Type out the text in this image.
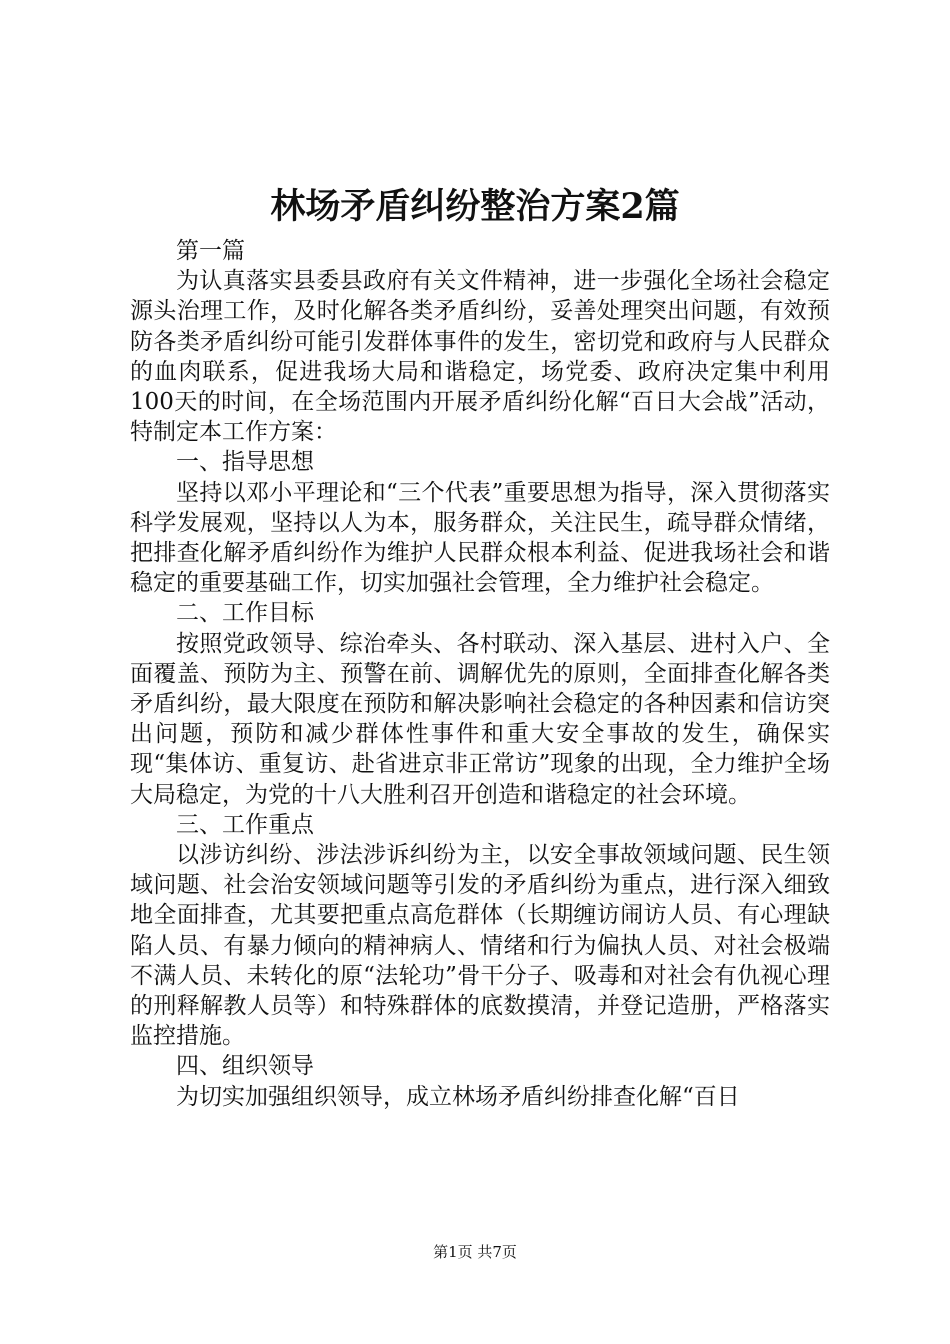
林场矛盾纠纷整治方案2篇

第一篇

为认真落实县委县政府有关文件精神，进一步强化全场社会稳定源头治理工作，及时化解各类矛盾纠纷，妥善处理突出问题，有效预防各类矛盾纠纷可能引发群体事件的发生，密切党和政府与人民群众的血肉联系，促进我场大局和谐稳定，场党委、政府决定集中利用100天的时间，在全场范围内开展矛盾纠纷化解“百日大会战”活动，特制定本工作方案：

一、指导思想

坚持以邓小平理论和“三个代表”重要思想为指导，深入贯彻落实科学发展观，坚持以人为本，服务群众，关注民生，疏导群众情绪，把排查化解矛盾纠纷作为维护人民群众根本利益、促进我场社会和谐稳定的重要基础工作，切实加强社会管理，全力维护社会稳定。

二、工作目标

按照党政领导、综治牵头、各村联动、深入基层、进村入户、全面覆盖、预防为主、预警在前、调解优先的原则，全面排查化解各类矛盾纠纷，最大限度在预防和解决影响社会稳定的各种因素和信访突出问题，预防和减少群体性事件和重大安全事故的发生，确保实现“集体访、重复访、赴省进京非正常访”现象的出现，全力维护全场大局稳定，为党的十八大胜利召开创造和谐稳定的社会环境。

三、工作重点

以涉访纠纷、涉法涉诉纠纷为主，以安全事故领域问题、民生领域问题、社会治安领域问题等引发的矛盾纠纷为重点，进行深入细致地全面排查，尤其要把重点高危群体（长期缠访闹访人员、有心理缺陷人员、有暴力倾向的精神病人、情绪和行为偏执人员、对社会极端不满人员、未转化的原“法轮功”骨干分子、吸毒和对社会有仇视心理的刑释解教人员等）和特殊群体的底数摸清，并登记造册，严格落实监控措施。

四、组织领导

为切实加强组织领导，成立林场矛盾纠纷排查化解“百日

第1页 共7页
